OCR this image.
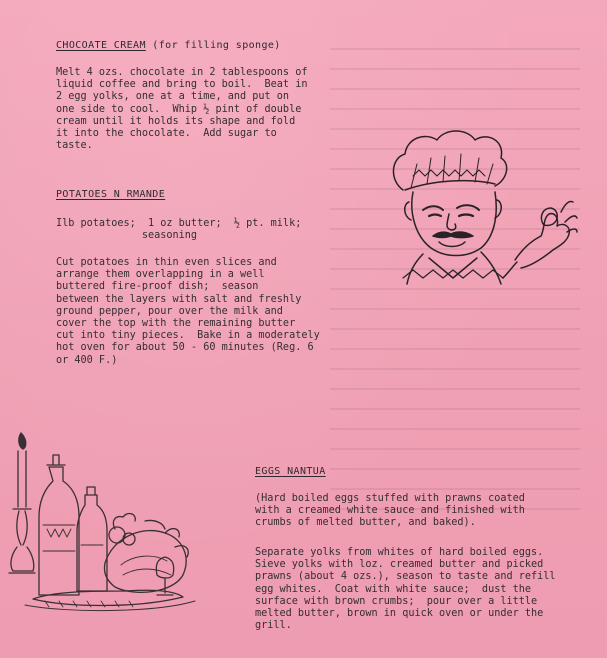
CHOCOATE CREAM (for filling sponge)
Melt 4 ozs. chocolate in 2 tablespoons of
liquid coffee and bring to boil.  Beat in
2 egg yolks, one at a time, and put on
one side to cool.  Whip ½ pint of double
cream until it holds its shape and fold
it into the chocolate.  Add sugar to
taste.
POTATOES N RMANDE
Ilb potatoes;  1 oz butter;  ½ pt. milk;
seasoning
Cut potatoes in thin even slices and
arrange them overlapping in a well
buttered fire-proof dish;  season
between the layers with salt and freshly
ground pepper, pour over the milk and
cover the top with the remaining butter
cut into tiny pieces.  Bake in a moderately
hot oven for about 50 - 60 minutes (Reg. 6
or 400 F.)
EGGS NANTUA
(Hard boiled eggs stuffed with prawns coated
with a creamed white sauce and finished with
crumbs of melted butter, and baked).
Separate yolks from whites of hard boiled eggs.
Sieve yolks with loz. creamed butter and picked
prawns (about 4 ozs.), season to taste and refill
egg whites.  Coat with white sauce;  dust the
surface with brown crumbs;  pour over a little
melted butter, brown in quick oven or under the
grill.
